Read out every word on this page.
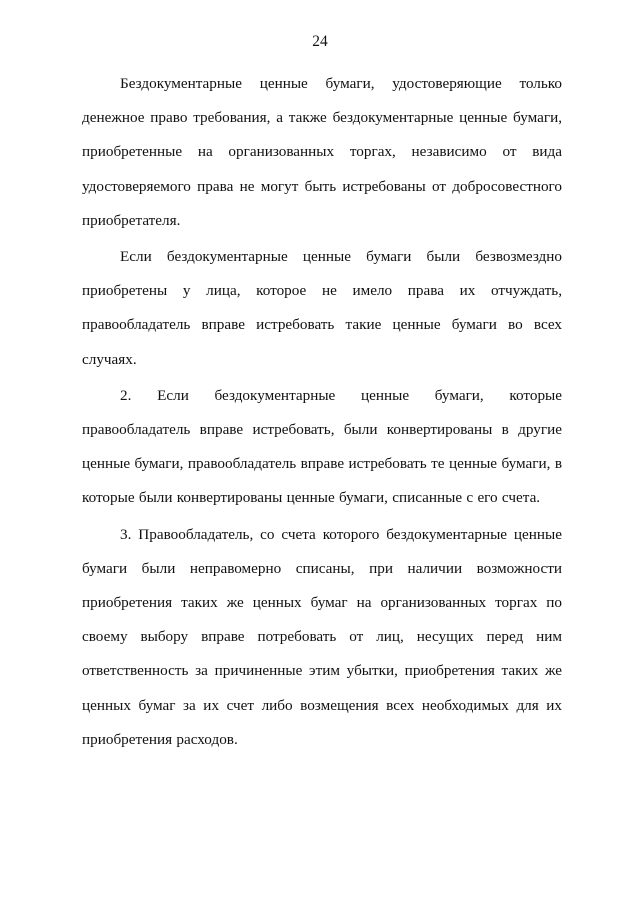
24

Бездокументарные ценные бумаги, удостоверяющие только денежное право требования, а также бездокументарные ценные бумаги, приобретенные на организованных торгах, независимо от вида удостоверяемого права не могут быть истребованы от добросовестного приобретателя.

Если бездокументарные ценные бумаги были безвозмездно приобретены у лица, которое не имело права их отчуждать, правообладатель вправе истребовать такие ценные бумаги во всех случаях.

2. Если бездокументарные ценные бумаги, которые правообладатель вправе истребовать, были конвертированы в другие ценные бумаги, правообладатель вправе истребовать те ценные бумаги, в которые были конвертированы ценные бумаги, списанные с его счета.

3. Правообладатель, со счета которого бездокументарные ценные бумаги были неправомерно списаны, при наличии возможности приобретения таких же ценных бумаг на организованных торгах по своему выбору вправе потребовать от лиц, несущих перед ним ответственность за причиненные этим убытки, приобретения таких же ценных бумаг за их счет либо возмещения всех необходимых для их приобретения расходов.
